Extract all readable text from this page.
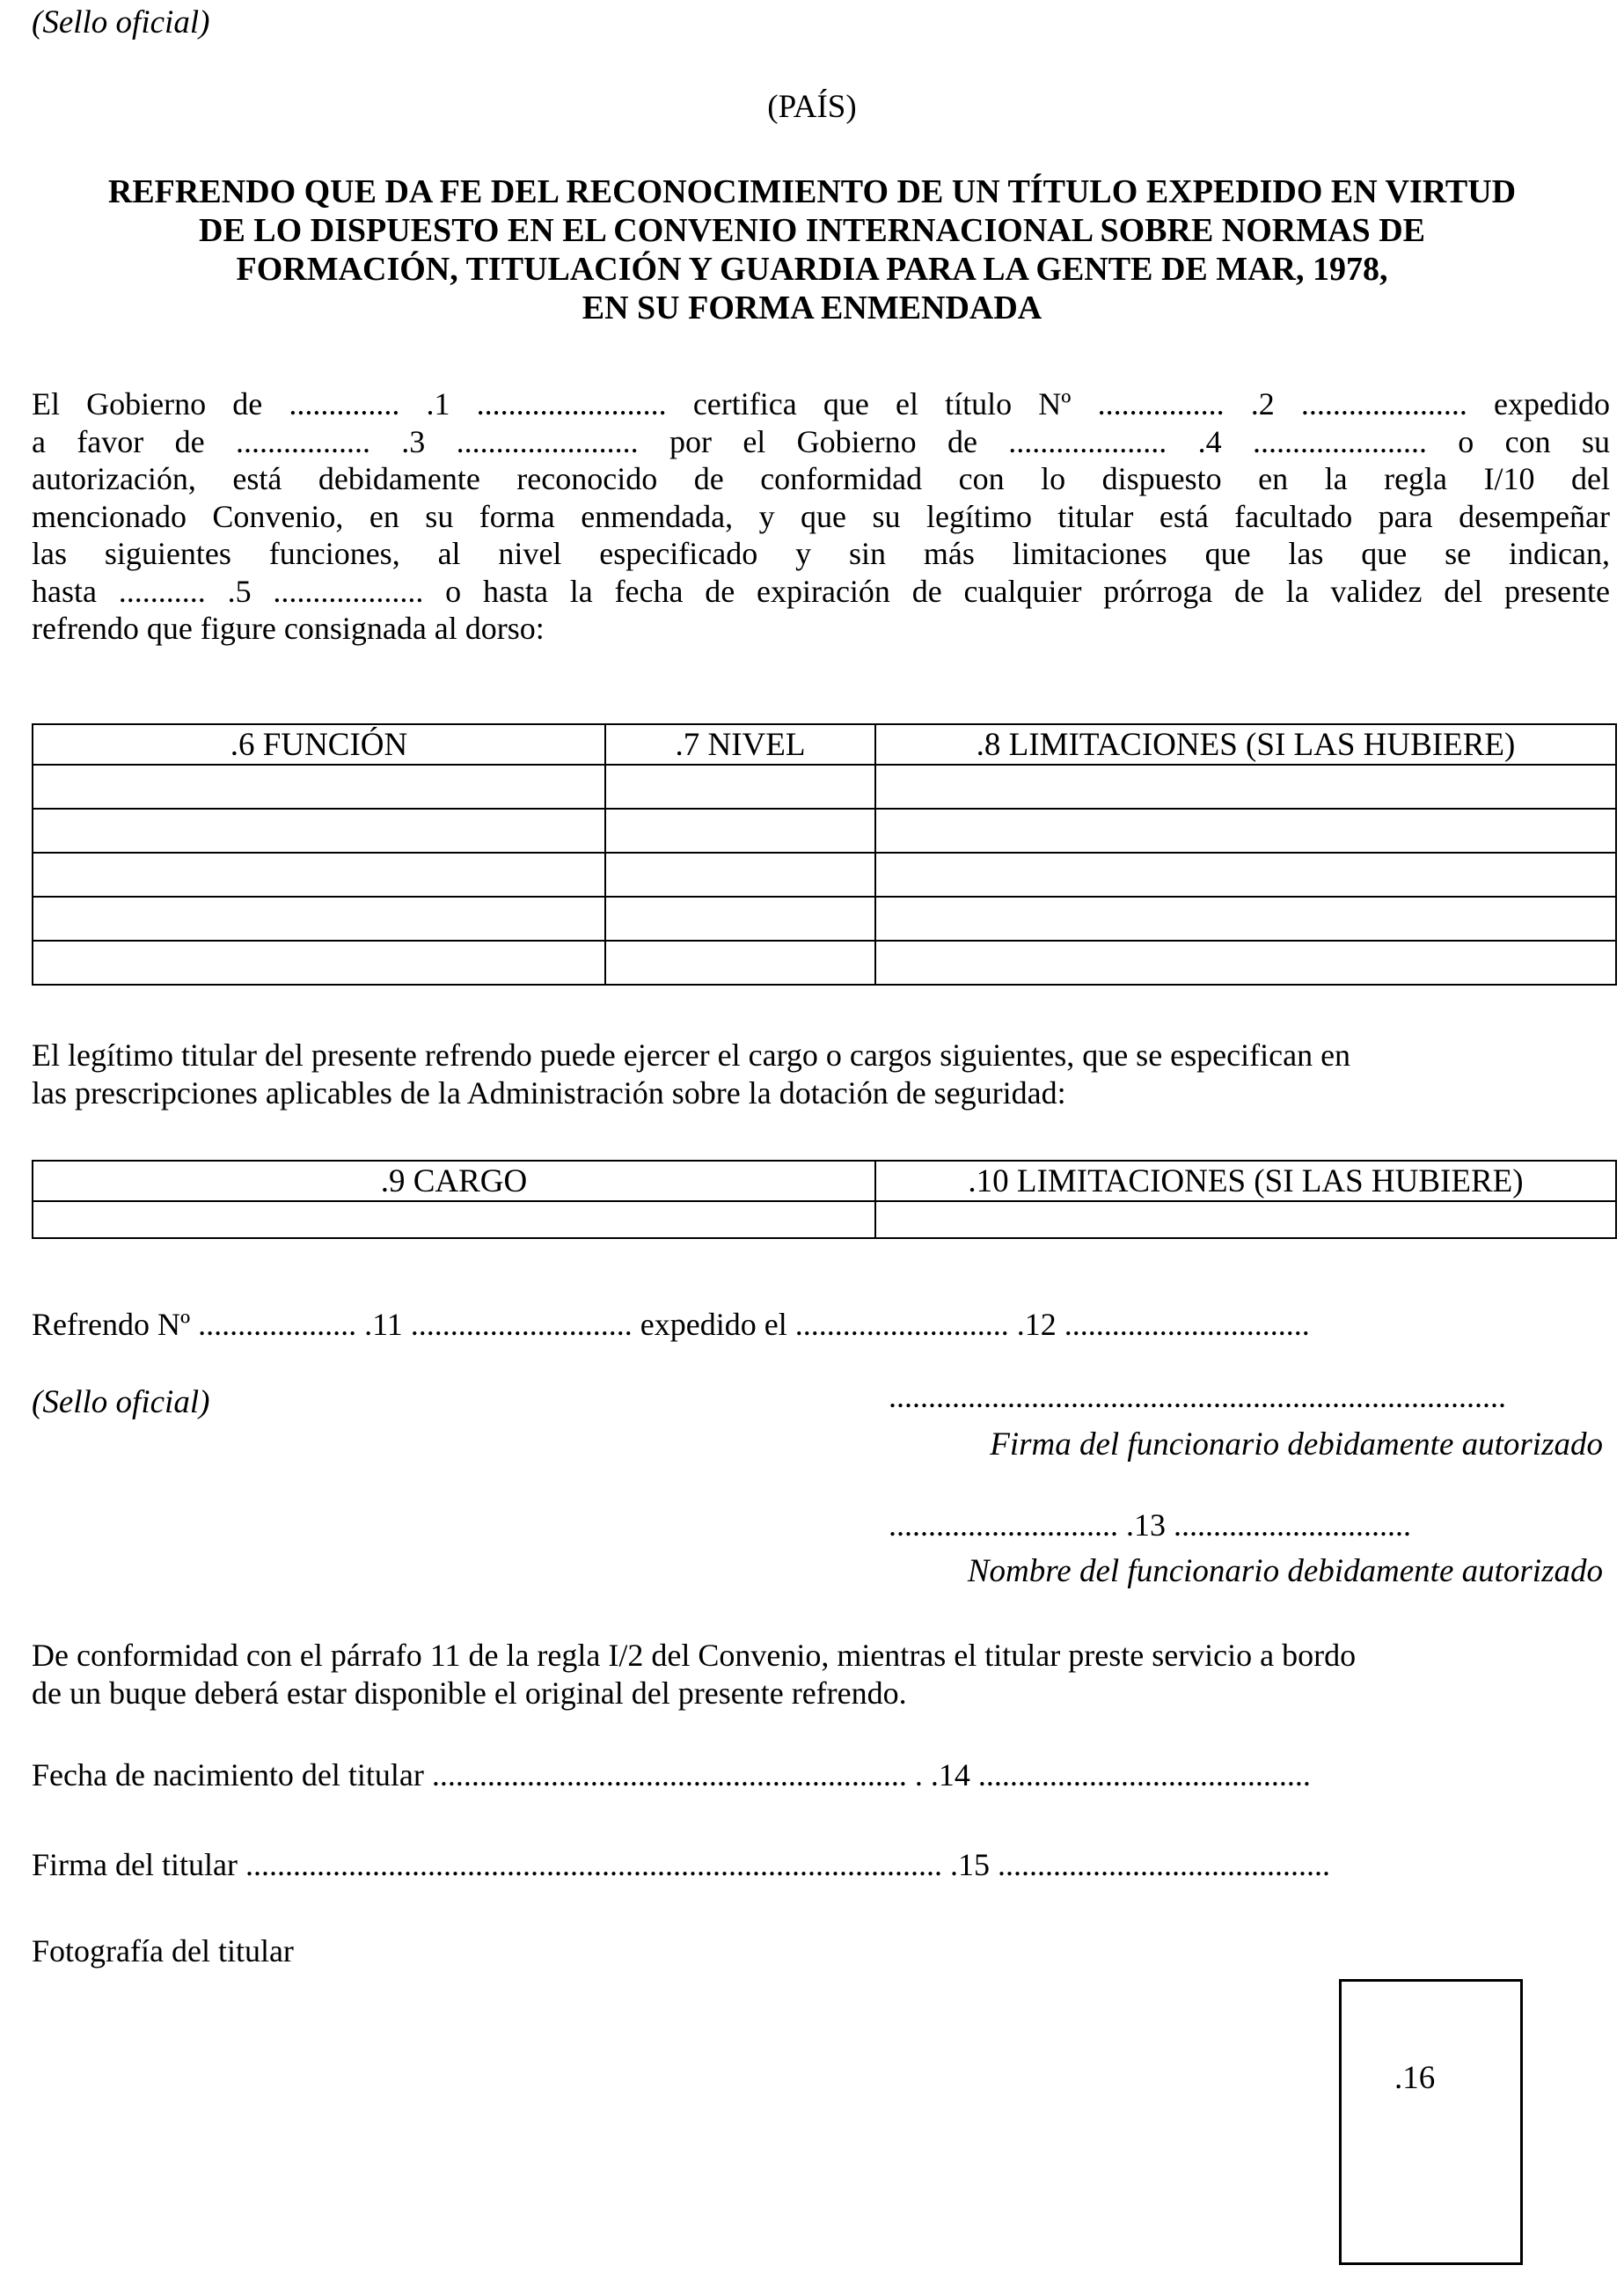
(Sello oficial)
(PAÍS)
REFRENDO QUE DA FE DEL RECONOCIMIENTO DE UN TÍTULO EXPEDIDO EN VIRTUD
DE LO DISPUESTO EN EL CONVENIO INTERNACIONAL SOBRE NORMAS DE
FORMACIÓN, TITULACIÓN Y GUARDIA PARA LA GENTE DE MAR, 1978,
EN SU FORMA ENMENDADA
El Gobierno de .............. .1 ........................ certifica que el título Nº ................ .2 ..................... expedido
a favor de ................. .3 ....................... por el Gobierno de .................... .4 ...................... o con su
autorización, está debidamente reconocido de conformidad con lo dispuesto en la regla I/10 del
mencionado Convenio, en su forma enmendada, y que su legítimo titular está facultado para desempeñar
las siguientes funciones, al nivel especificado y sin más limitaciones que las que se indican,
hasta ........... .5 ................... o hasta la fecha de expiración de cualquier prórroga de la validez del presente
refrendo que figure consignada al dorso:
.6 FUNCIÓN	.7 NIVEL	.8 LIMITACIONES (SI LAS HUBIERE)

El legítimo titular del presente refrendo puede ejercer el cargo o cargos siguientes, que se especifican en
las prescripciones aplicables de la Administración sobre la dotación de seguridad:
.9 CARGO	.10 LIMITACIONES (SI LAS HUBIERE)

Refrendo Nº .................... .11 ............................ expedido el ........................... .12 ...............................
(Sello oficial)	..............................................................................
Firma del funcionario debidamente autorizado
............................. .13 ..............................
Nombre del funcionario debidamente autorizado
De conformidad con el párrafo 11 de la regla I/2 del Convenio, mientras el titular preste servicio a bordo
de un buque deberá estar disponible el original del presente refrendo.
Fecha de nacimiento del titular ............................................................ . .14 ..........................................
Firma del titular ........................................................................................ .15 ..........................................
Fotografía del titular
.16
